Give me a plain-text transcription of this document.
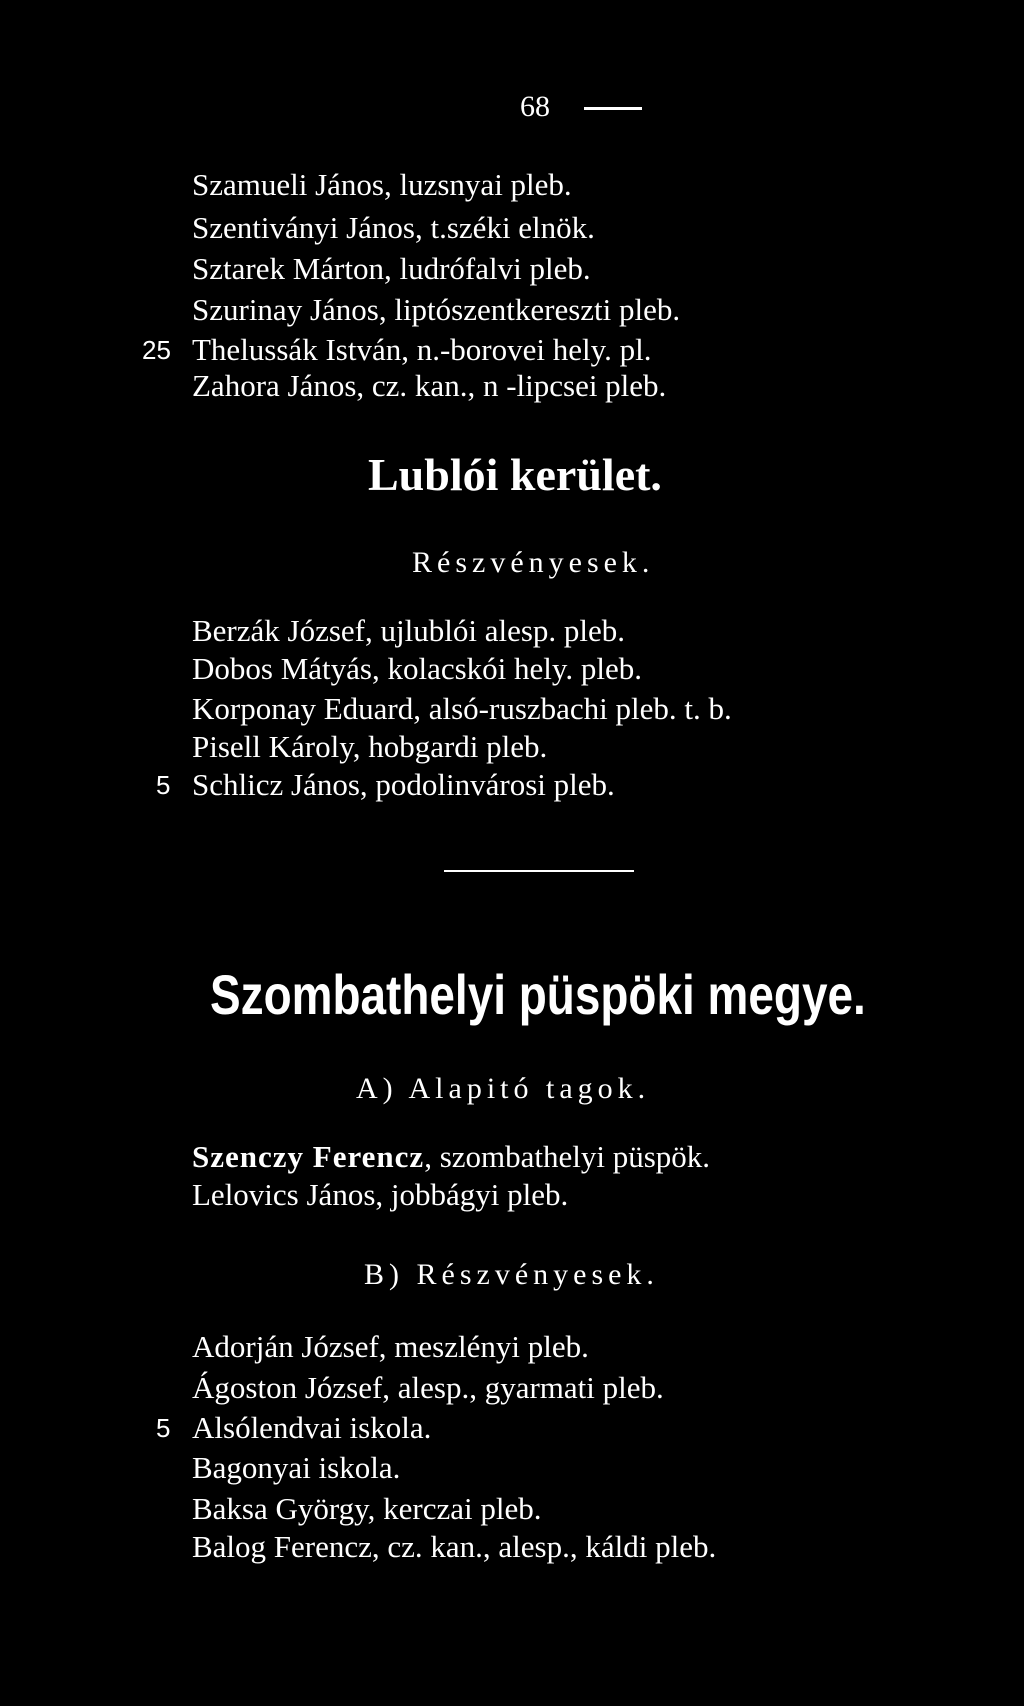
68
Szamueli János, luzsnyai pleb.
Szentiványi János, t.széki elnök.
Sztarek Márton, ludrófalvi pleb.
Szurinay János, liptószentkereszti pleb.
25 Thelussák István, n.-borovei hely. pl.
Zahora János, cz. kan., n -lipcsei pleb.
Lublói kerület.
Részvényesek.
Berzák József, ujlublói alesp. pleb.
Dobos Mátyás, kolacskói hely. pleb.
Korponay Eduard, alsó-ruszbachi pleb. t. b.
Pisell Károly, hobgardi pleb.
5 Schlicz János, podolinvárosi pleb.
Szombathelyi püspöki megye.
A) Alapitó tagok.
Szenczy Ferencz, szombathelyi püspök.
Lelovics János, jobbágyi pleb.
B) Részvényesek.
Adorján József, meszlényi pleb.
Ágoston József, alesp., gyarmati pleb.
5 Alsólendvai iskola.
Bagonyai iskola.
Baksa György, kerczai pleb.
Balog Ferencz, cz. kan., alesp., káldi pleb.
